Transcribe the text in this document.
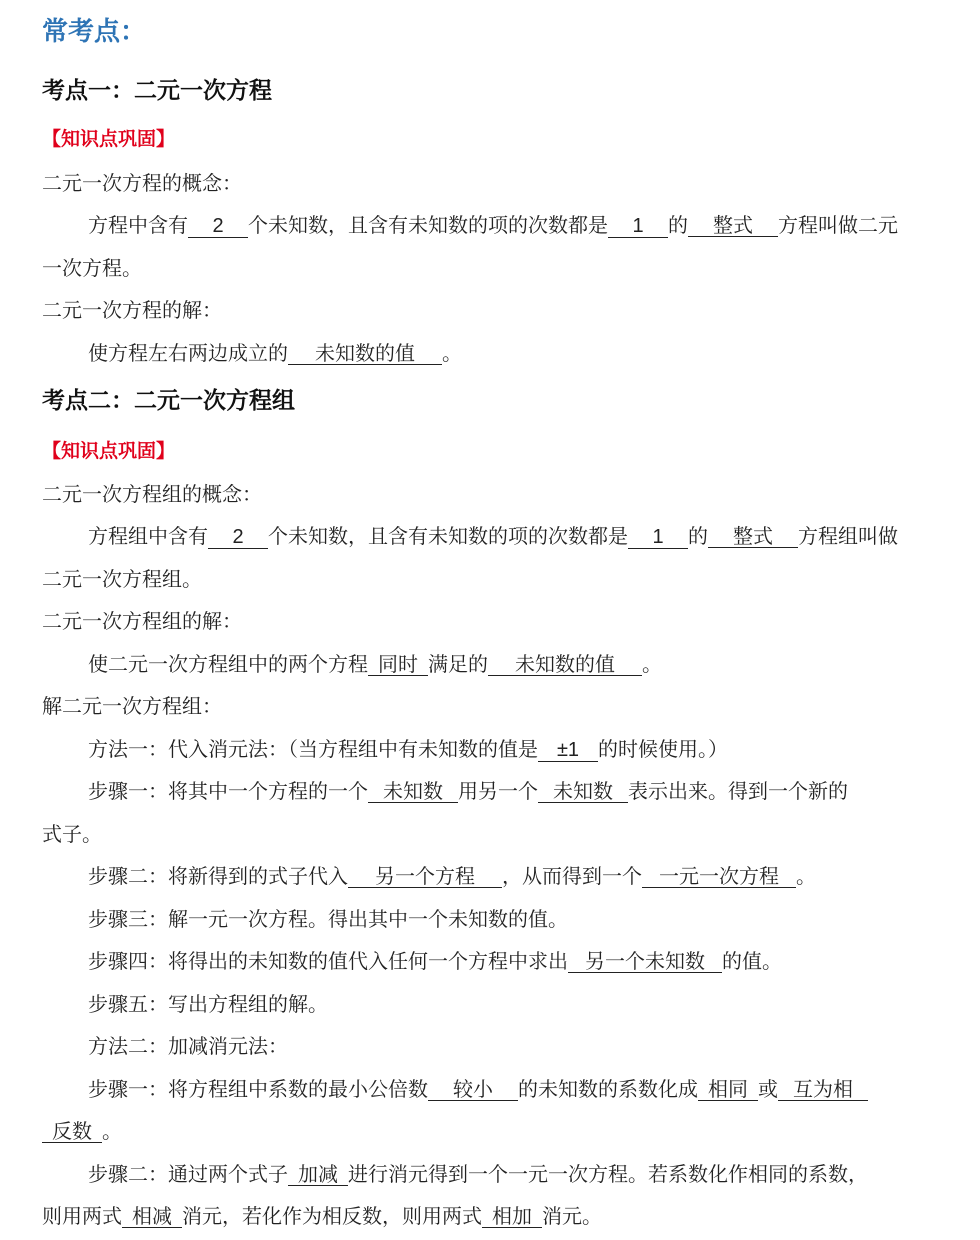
常考点：
考点一：二元一次方程
【知识点巩固】
二元一次方程的概念：
方程中含有 2 个未知数，且含有未知数的项的次数都是 1 的 整式 方程叫做二元
一次方程。
二元一次方程的解：
使方程左右两边成立的 未知数的值 。
考点二：二元一次方程组
【知识点巩固】
二元一次方程组的概念：
方程组中含有 2 个未知数，且含有未知数的项的次数都是 1 的 整式 方程组叫做
二元一次方程组。
二元一次方程组的解：
使二元一次方程组中的两个方程 同时 满足的 未知数的值 。
解二元一次方程组：
方法一：代入消元法：（当方程组中有未知数的值是 ±1 的时候使用。）
步骤一：将其中一个方程的一个 未知数 用另一个 未知数 表示出来。得到一个新的
式子。
步骤二：将新得到的式子代入 另一个方程 ，从而得到一个 一元一次方程 。
步骤三：解一元一次方程。得出其中一个未知数的值。
步骤四：将得出的未知数的值代入任何一个方程中求出 另一个未知数 的值。
步骤五：写出方程组的解。
方法二：加减消元法：
步骤一：将方程组中系数的最小公倍数 较小 的未知数的系数化成 相同 或 互为相
反数 。
步骤二：通过两个式子 加减 进行消元得到一个一元一次方程。若系数化作相同的系数，
则用两式 相减 消元，若化作为相反数，则用两式 相加 消元。
